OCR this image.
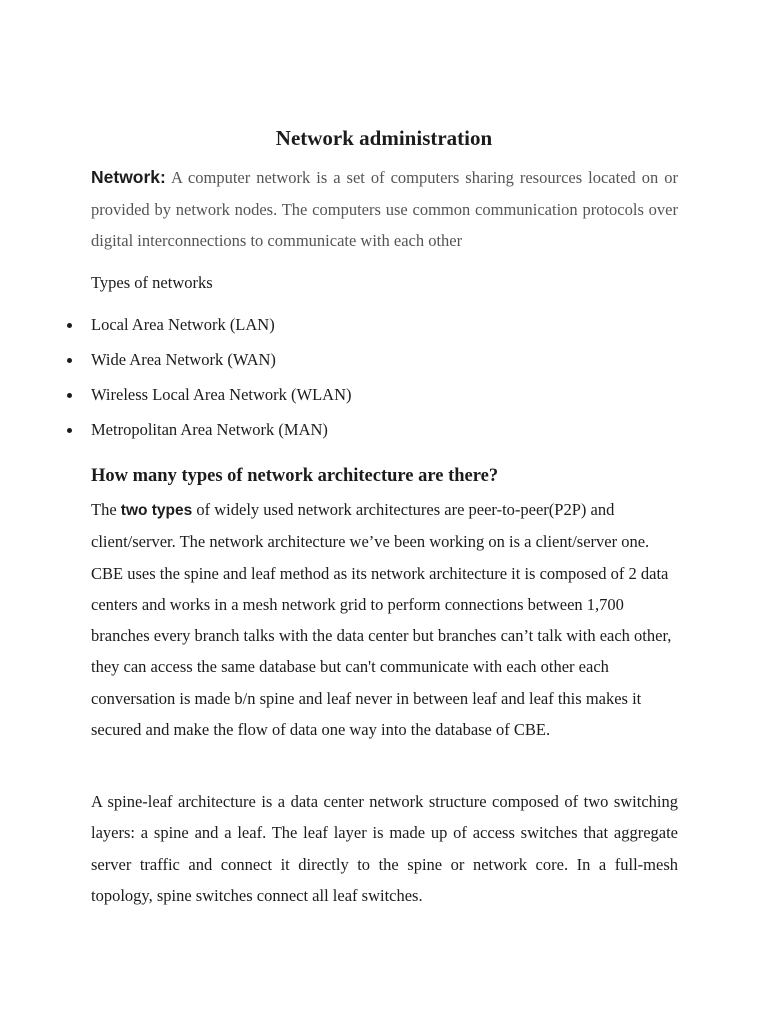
Network administration

Network: A computer network is a set of computers sharing resources located on or provided by network nodes. The computers use common communication protocols over digital interconnections to communicate with each other

Types of networks

Local Area Network (LAN)
Wide Area Network (WAN)
Wireless Local Area Network (WLAN)
Metropolitan Area Network (MAN)
How many types of network architecture are there?

The two types of widely used network architectures are peer-to-peer(P2P) and client/server. The network architecture we’ve been working on is a client/server one. CBE uses the spine and leaf method as its network architecture it is composed of 2 data centers and works in a mesh network grid to perform connections between 1,700 branches every branch talks with the data center but branches can’t talk with each other, they can access the same database but can't communicate with each other each conversation is made b/n spine and leaf never in between leaf and leaf this makes it secured and make the flow of data one way into the database of CBE.

A spine-leaf architecture is a data center network structure composed of two switching layers: a spine and a leaf. The leaf layer is made up of access switches that aggregate server traffic and connect it directly to the spine or network core. In a full-mesh topology, spine switches connect all leaf switches.
